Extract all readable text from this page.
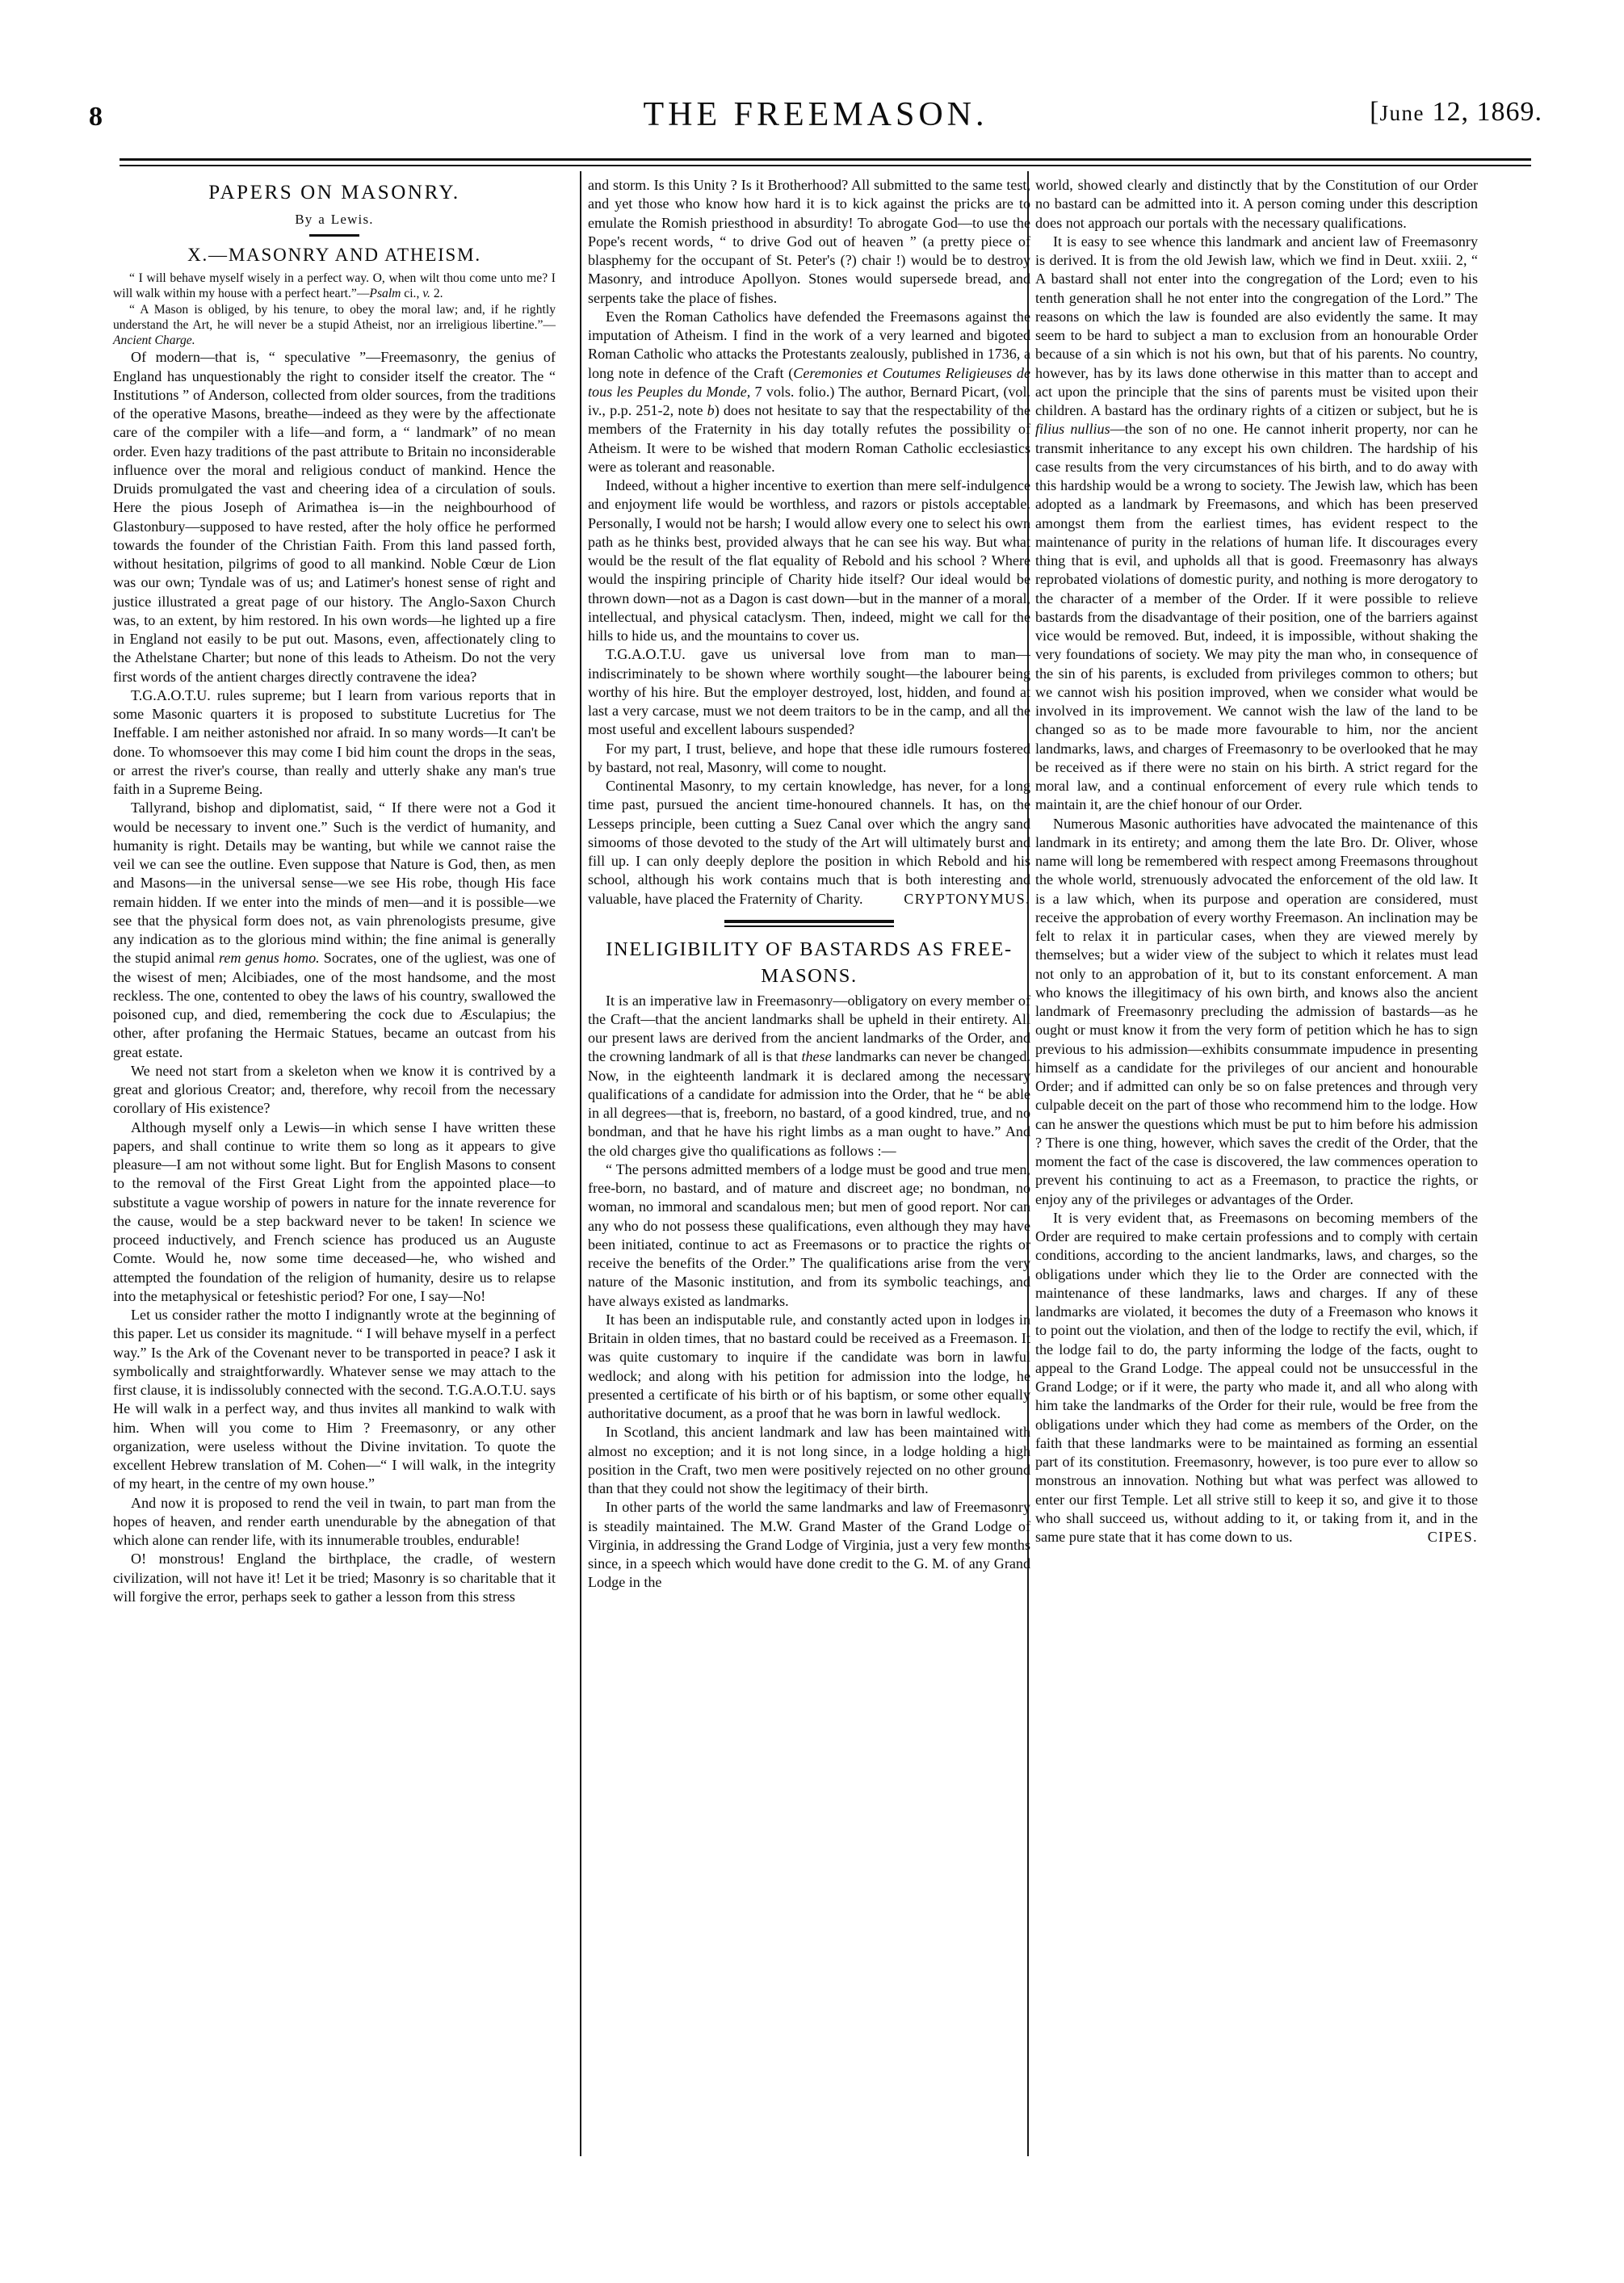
8	THE FREEMASON.	[June 12, 1869.

PAPERS ON MASONRY.

By a Lewis.

X.—MASONRY AND ATHEISM.

“ I will behave myself wisely in a perfect way. O, when wilt thou come unto me? I will walk within my house with a perfect heart.”—Psalm ci., v. 2.

“ A Mason is obliged, by his tenure, to obey the moral law; and, if he rightly understand the Art, he will never be a stupid Atheist, nor an irreligious libertine.”—Ancient Charge.

Of modern—that is, “ speculative ”—Freemasonry, the genius of England has unquestionably the right to consider itself the creator. The “ Institutions ” of Anderson, collected from older sources, from the traditions of the operative Masons, breathe—indeed as they were by the affectionate care of the compiler with a life—and form, a “ landmark” of no mean order. Even hazy traditions of the past attribute to Britain no inconsiderable influence over the moral and religious conduct of mankind. Hence the Druids promulgated the vast and cheering idea of a circulation of souls. Here the pious Joseph of Arimathea is—in the neighbourhood of Glastonbury—supposed to have rested, after the holy office he performed towards the founder of the Christian Faith. From this land passed forth, without hesitation, pilgrims of good to all mankind. Noble Cœur de Lion was our own; Tyndale was of us; and Latimer's honest sense of right and justice illustrated a great page of our history. The Anglo-Saxon Church was, to an extent, by him restored. In his own words—he lighted up a fire in England not easily to be put out. Masons, even, affectionately cling to the Athelstane Charter; but none of this leads to Atheism. Do not the very first words of the antient charges directly contravene the idea?

T.G.A.O.T.U. rules supreme; but I learn from various reports that in some Masonic quarters it is proposed to substitute Lucretius for The Ineffable. I am neither astonished nor afraid. In so many words—It can't be done. To whomsoever this may come I bid him count the drops in the seas, or arrest the river's course, than really and utterly shake any man's true faith in a Supreme Being.

Tallyrand, bishop and diplomatist, said, “ If there were not a God it would be necessary to invent one.” Such is the verdict of humanity, and humanity is right. Details may be wanting, but while we cannot raise the veil we can see the outline. Even suppose that Nature is God, then, as men and Masons—in the universal sense—we see His robe, though His face remain hidden. If we enter into the minds of men—and it is possible—we see that the physical form does not, as vain phrenologists presume, give any indication as to the glorious mind within; the fine animal is generally the stupid animal rem genus homo. Socrates, one of the ugliest, was one of the wisest of men; Alcibiades, one of the most handsome, and the most reckless. The one, contented to obey the laws of his country, swallowed the poisoned cup, and died, remembering the cock due to Æsculapius; the other, after profaning the Hermaic Statues, became an outcast from his great estate.

We need not start from a skeleton when we know it is contrived by a great and glorious Creator; and, therefore, why recoil from the necessary corollary of His existence?

Although myself only a Lewis—in which sense I have written these papers, and shall continue to write them so long as it appears to give pleasure—I am not without some light. But for English Masons to consent to the removal of the First Great Light from the appointed place—to substitute a vague worship of powers in nature for the innate reverence for the cause, would be a step backward never to be taken! In science we proceed inductively, and French science has produced us an Auguste Comte. Would he, now some time deceased—he, who wished and attempted the foundation of the religion of humanity, desire us to relapse into the metaphysical or feteshistic period? For one, I say—No!

Let us consider rather the motto I indignantly wrote at the beginning of this paper. Let us consider its magnitude. “ I will behave myself in a perfect way.” Is the Ark of the Covenant never to be transported in peace? I ask it symbolically and straightforwardly. Whatever sense we may attach to the first clause, it is indissolubly connected with the second. T.G.A.O.T.U. says He will walk in a perfect way, and thus invites all mankind to walk with him. When will you come to Him ? Freemasonry, or any other organization, were useless without the Divine invitation. To quote the excellent Hebrew translation of M. Cohen—“ I will walk, in the integrity of my heart, in the centre of my own house.”

And now it is proposed to rend the veil in twain, to part man from the hopes of heaven, and render earth unendurable by the abnegation of that which alone can render life, with its innumerable troubles, endurable!

O! monstrous! England the birthplace, the cradle, of western civilization, will not have it! Let it be tried; Masonry is so charitable that it will forgive the error, perhaps seek to gather a lesson from this stress

and storm. Is this Unity ? Is it Brotherhood? All submitted to the same test, and yet those who know how hard it is to kick against the pricks are to emulate the Romish priesthood in absurdity! To abrogate God—to use the Pope's recent words, “ to drive God out of heaven ” (a pretty piece of blasphemy for the occupant of St. Peter's (?) chair !) would be to destroy Masonry, and introduce Apollyon. Stones would supersede bread, and serpents take the place of fishes.

Even the Roman Catholics have defended the Freemasons against the imputation of Atheism. I find in the work of a very learned and bigoted Roman Catholic who attacks the Protestants zealously, published in 1736, a long note in defence of the Craft (Ceremonies et Coutumes Religieuses de tous les Peuples du Monde, 7 vols. folio.) The author, Bernard Picart, (vol. iv., p.p. 251-2, note b) does not hesitate to say that the respectability of the members of the Fraternity in his day totally refutes the possibility of Atheism. It were to be wished that modern Roman Catholic ecclesiastics were as tolerant and reasonable.

Indeed, without a higher incentive to exertion than mere self-indulgence and enjoyment life would be worthless, and razors or pistols acceptable. Personally, I would not be harsh; I would allow every one to select his own path as he thinks best, provided always that he can see his way. But what would be the result of the flat equality of Rebold and his school ? Where would the inspiring principle of Charity hide itself? Our ideal would be thrown down—not as a Dagon is cast down—but in the manner of a moral, intellectual, and physical cataclysm. Then, indeed, might we call for the hills to hide us, and the mountains to cover us.

T.G.A.O.T.U. gave us universal love from man to man—indiscriminately to be shown where worthily sought—the labourer being worthy of his hire. But the employer destroyed, lost, hidden, and found at last a very carcase, must we not deem traitors to be in the camp, and all the most useful and excellent labours suspended?

For my part, I trust, believe, and hope that these idle rumours fostered by bastard, not real, Masonry, will come to nought.

Continental Masonry, to my certain knowledge, has never, for a long time past, pursued the ancient time-honoured channels. It has, on the Lesseps principle, been cutting a Suez Canal over which the angry sand simooms of those devoted to the study of the Art will ultimately burst and fill up. I can only deeply deplore the position in which Rebold and his school, although his work contains much that is both interesting and valuable, have placed the Fraternity of Charity.	CRYPTONYMUS.

INELIGIBILITY OF BASTARDS AS FREE-

MASONS.

It is an imperative law in Freemasonry—obligatory on every member of the Craft—that the ancient landmarks shall be upheld in their entirety. All our present laws are derived from the ancient landmarks of the Order, and the crowning landmark of all is that these landmarks can never be changed. Now, in the eighteenth landmark it is declared among the necessary qualifications of a candidate for admission into the Order, that he “ be able in all degrees—that is, freeborn, no bastard, of a good kindred, true, and no bondman, and that he have his right limbs as a man ought to have.” And the old charges give tho qualifications as follows :—

“ The persons admitted members of a lodge must be good and true men, free-born, no bastard, and of mature and discreet age; no bondman, no woman, no immoral and scandalous men; but men of good report. Nor can any who do not possess these qualifications, even although they may have been initiated, continue to act as Freemasons or to practice the rights or receive the benefits of the Order.” The qualifications arise from the very nature of the Masonic institution, and from its symbolic teachings, and have always existed as landmarks.

It has been an indisputable rule, and constantly acted upon in lodges in Britain in olden times, that no bastard could be received as a Freemason. It was quite customary to inquire if the candidate was born in lawful wedlock; and along with his petition for admission into the lodge, he presented a certificate of his birth or of his baptism, or some other equally authoritative document, as a proof that he was born in lawful wedlock.

In Scotland, this ancient landmark and law has been maintained with almost no exception; and it is not long since, in a lodge holding a high position in the Craft, two men were positively rejected on no other ground than that they could not show the legitimacy of their birth.

In other parts of the world the same landmarks and law of Freemasonry is steadily maintained. The M.W. Grand Master of the Grand Lodge of Virginia, in addressing the Grand Lodge of Virginia, just a very few months since, in a speech which would have done credit to the G. M. of any Grand Lodge in the

world, showed clearly and distinctly that by the Constitution of our Order no bastard can be admitted into it. A person coming under this description does not approach our portals with the necessary qualifications.

It is easy to see whence this landmark and ancient law of Freemasonry is derived. It is from the old Jewish law, which we find in Deut. xxiii. 2, “ A bastard shall not enter into the congregation of the Lord; even to his tenth generation shall he not enter into the congregation of the Lord.” The reasons on which the law is founded are also evidently the same. It may seem to be hard to subject a man to exclusion from an honourable Order because of a sin which is not his own, but that of his parents. No country, however, has by its laws done otherwise in this matter than to accept and act upon the principle that the sins of parents must be visited upon their children. A bastard has the ordinary rights of a citizen or subject, but he is filius nullius—the son of no one. He cannot inherit property, nor can he transmit inheritance to any except his own children. The hardship of his case results from the very circumstances of his birth, and to do away with this hardship would be a wrong to society. The Jewish law, which has been adopted as a landmark by Freemasons, and which has been preserved amongst them from the earliest times, has evident respect to the maintenance of purity in the relations of human life. It discourages every thing that is evil, and upholds all that is good. Freemasonry has always reprobated violations of domestic purity, and nothing is more derogatory to the character of a member of the Order. If it were possible to relieve bastards from the disadvantage of their position, one of the barriers against vice would be removed. But, indeed, it is impossible, without shaking the very foundations of society. We may pity the man who, in consequence of the sin of his parents, is excluded from privileges common to others; but we cannot wish his position improved, when we consider what would be involved in its improvement. We cannot wish the law of the land to be changed so as to be made more favourable to him, nor the ancient landmarks, laws, and charges of Freemasonry to be overlooked that he may be received as if there were no stain on his birth. A strict regard for the moral law, and a continual enforcement of every rule which tends to maintain it, are the chief honour of our Order.

Numerous Masonic authorities have advocated the maintenance of this landmark in its entirety; and among them the late Bro. Dr. Oliver, whose name will long be remembered with respect among Freemasons throughout the whole world, strenuously advocated the enforcement of the old law. It is a law which, when its purpose and operation are considered, must receive the approbation of every worthy Freemason. An inclination may be felt to relax it in particular cases, when they are viewed merely by themselves; but a wider view of the subject to which it relates must lead not only to an approbation of it, but to its constant enforcement. A man who knows the illegitimacy of his own birth, and knows also the ancient landmark of Freemasonry precluding the admission of bastards—as he ought or must know it from the very form of petition which he has to sign previous to his admission—exhibits consummate impudence in presenting himself as a candidate for the privileges of our ancient and honourable Order; and if admitted can only be so on false pretences and through very culpable deceit on the part of those who recommend him to the lodge. How can he answer the questions which must be put to him before his admission ? There is one thing, however, which saves the credit of the Order, that the moment the fact of the case is discovered, the law commences operation to prevent his continuing to act as a Freemason, to practice the rights, or enjoy any of the privileges or advantages of the Order.

It is very evident that, as Freemasons on becoming members of the Order are required to make certain professions and to comply with certain conditions, according to the ancient landmarks, laws, and charges, so the obligations under which they lie to the Order are connected with the maintenance of these landmarks, laws and charges. If any of these landmarks are violated, it becomes the duty of a Freemason who knows it to point out the violation, and then of the lodge to rectify the evil, which, if the lodge fail to do, the party informing the lodge of the facts, ought to appeal to the Grand Lodge. The appeal could not be unsuccessful in the Grand Lodge; or if it were, the party who made it, and all who along with him take the landmarks of the Order for their rule, would be free from the obligations under which they had come as members of the Order, on the faith that these landmarks were to be maintained as forming an essential part of its constitution. Freemasonry, however, is too pure ever to allow so monstrous an innovation. Nothing but what was perfect was allowed to enter our first Temple. Let all strive still to keep it so, and give it to those who shall succeed us, without adding to it, or taking from it, and in the same pure state that it has come down to us.	CIPES.
